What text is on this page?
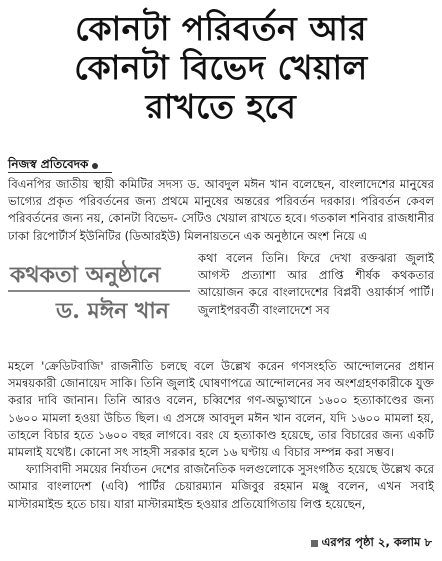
কোনটা পরিবর্তন আর
কোনটা বিভেদ খেয়াল
রাখতে হবে
নিজস্ব প্রতিবেদক

বিএনপির জাতীয় স্থায়ী কমিটির সদস্য ড. আবদুল মঈন খান বলেছেন, বাংলাদেশের মানুষের ভাগ্যের প্রকৃত পরিবর্তনের জন্য প্রথমে মানুষের অন্তরের পরিবর্তন দরকার। পরিবর্তন কেবল পরিবর্তনের জন্য নয়, কোনটা বিভেদ- সেটিও খেয়াল রাখতে হবে। গতকাল শনিবার রাজধানীর ঢাকা রিপোর্টার্স ইউনিটির (ডিআরইউ) মিলনায়তনে এক অনুষ্ঠানে অংশ নিয়ে এ

কথকতা অনুষ্ঠানে
ড. মঈন খান

কথা বলেন তিনি। ফিরে দেখা রক্তঝরা জুলাই আগস্ট প্রত্যাশা আর প্রাপ্তি শীর্ষক কথকতার আয়োজন করে বাংলাদেশের বিপ্লবী ওয়ার্কার্স পার্টি। জুলাইপরবর্তী বাংলাদেশে সব

মহলে 'ক্রেডিটবাজি' রাজনীতি চলছে বলে উল্লেখ করেন গণসংহতি আন্দোলনের প্রধান সমন্বয়কারী জোনায়েদ সাকি। তিনি জুলাই ঘোষণাপত্রে আন্দোলনের সব অংশগ্রহণকারীকে যুক্ত করার দাবি জানান। তিনি আরও বলেন, চব্বিশের গণ-অভ্যুত্থানে ১৬০০ হত্যাকাণ্ডের জন্য ১৬০০ মামলা হওয়া উচিত ছিল। এ প্রসঙ্গে আবদুল মঈন খান বলেন, যদি ১৬০০ মামলা হয়, তাহলে বিচার হতে ১৬০০ বছর লাগবে। বরং যে হত্যাকাণ্ড হয়েছে, তার বিচারের জন্য একটি মামলাই যথেষ্ট। কোনো সৎ সাহসী সরকার হলে ১৬ ঘণ্টায় এ বিচার সম্পন্ন করা সম্ভব।

ফ্যাসিবাদী সময়ের নির্যাতন দেশের রাজনৈতিক দলগুলোকে সুসংগঠিত হয়েছে উল্লেখ করে আমার বাংলাদেশ (এবি) পার্টির চেয়ারম্যান মজিবুর রহমান মঞ্জু বলেন, এখন সবাই মাস্টারমাইন্ড হতে চায়। যারা মাস্টারমাইন্ড হওয়ার প্রতিযোগিতায় লিপ্ত হয়েছেন,

এরপর পৃষ্ঠা ২, কলাম ৮
